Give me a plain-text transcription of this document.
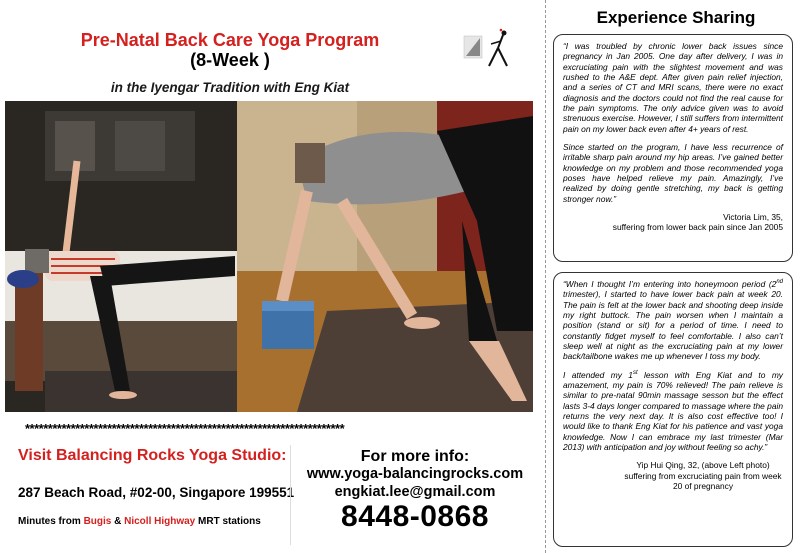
Pre-Natal Back Care Yoga Program
(8-Week )
in the Iyengar Tradition with Eng Kiat
**********************************************************************
Visit Balancing Rocks Yoga Studio:
287 Beach Road, #02-00, Singapore 199551
Minutes from Bugis & Nicoll Highway MRT stations
For more info:
www.yoga-balancingrocks.com
engkiat.lee@gmail.com
8448-0868
Experience Sharing

“I was troubled by chronic lower back issues since pregnancy in Jan 2005. One day after delivery, I was in excruciating pain with the slightest movement and was rushed to the A&E dept. After given pain relief injection, and a series of CT and MRI scans, there were no exact diagnosis and the doctors could not find the real cause for the pain symptoms. The only advice given was to avoid strenuous exercise. However, I still suffers from intermittent pain on my lower back even after 4+ years of rest.

Since started on the program, I have less recurrence of irritable sharp pain around my hip areas. I’ve gained better knowledge on my problem and those recommended yoga poses have helped relieve my pain. Amazingly, I’ve realized by doing gentle stretching, my back is getting stronger now.”

Victoria Lim, 35,
suffering from lower back pain since Jan 2005

“When I thought I’m entering into honeymoon period (2nd trimester), I started to have lower back pain at week 20. The pain is felt at the lower back and shooting deep inside my right buttock. The pain worsen when I maintain a position (stand or sit) for a period of time. I need to constantly fidget myself to feel comfortable. I also can’t sleep well at night as the excruciating pain at my lower back/tailbone wakes me up whenever I toss my body.

I attended my 1st lesson with Eng Kiat and to my amazement, my pain is 70% relieved! The pain relieve is similar to pre-natal 90min massage sesson but the effect lasts 3-4 days longer compared to massage where the pain returns the very next day. It is also cost effective too! I would like to thank Eng Kiat for his patience and vast yoga knowledge. Now I can embrace my last trimester (Mar 2013) with anticipation and joy without feeling so achy.”

Yip Hui Qing, 32, (above Left photo)
suffering from excruciating pain from week
20 of pregnancy
